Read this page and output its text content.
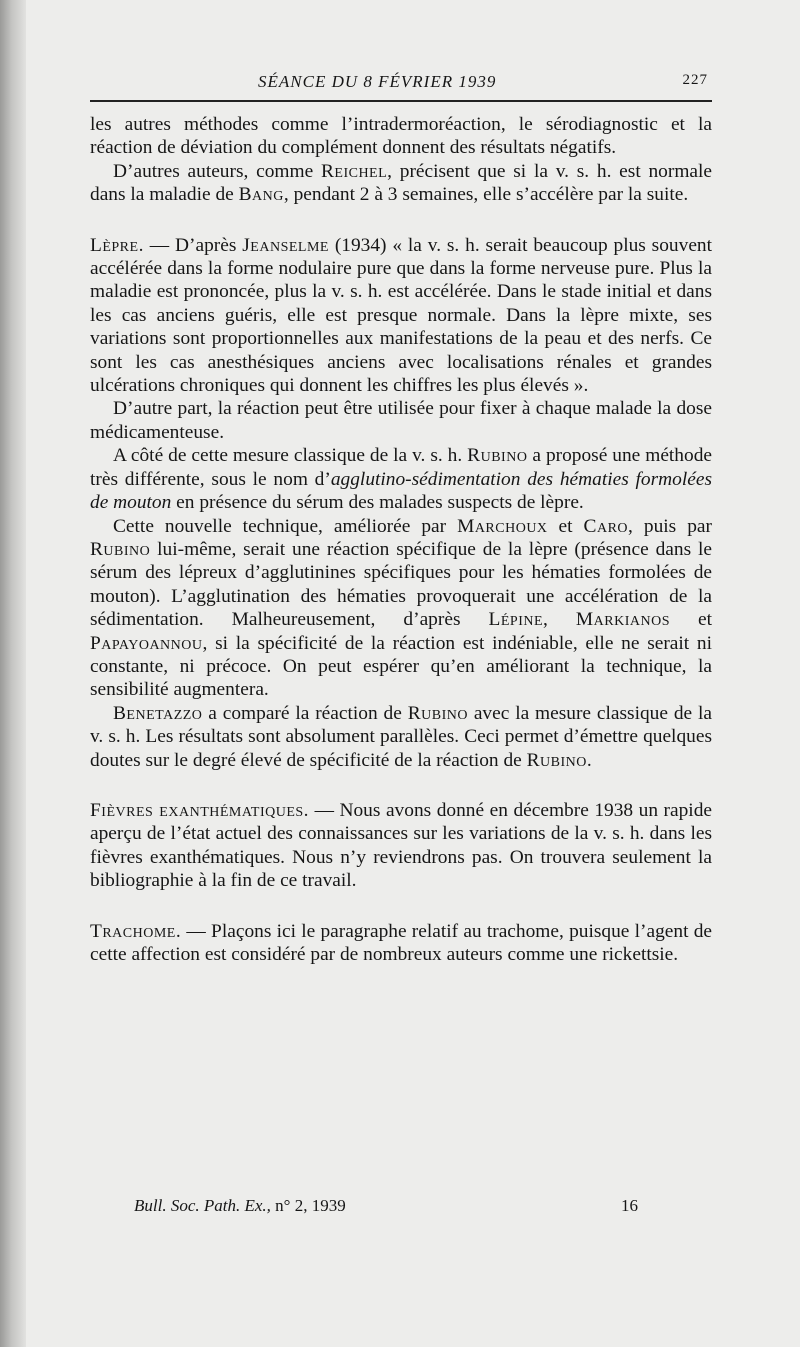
SÉANCE DU 8 FÉVRIER 1939	227

les autres méthodes comme l’intradermoréaction, le sérodiagnostic et la réaction de déviation du complément donnent des résultats négatifs.

D’autres auteurs, comme Reichel, précisent que si la v. s. h. est normale dans la maladie de Bang, pendant 2 à 3 semaines, elle s’accélère par la suite.

Lèpre. — D’après Jeanselme (1934) « la v. s. h. serait beaucoup plus souvent accélérée dans la forme nodulaire pure que dans la forme nerveuse pure. Plus la maladie est prononcée, plus la v. s. h. est accélérée. Dans le stade initial et dans les cas anciens guéris, elle est presque normale. Dans la lèpre mixte, ses variations sont proportionnelles aux manifestations de la peau et des nerfs. Ce sont les cas anesthésiques anciens avec localisations rénales et grandes ulcérations chroniques qui donnent les chiffres les plus élevés ».

D’autre part, la réaction peut être utilisée pour fixer à chaque malade la dose médicamenteuse.

A côté de cette mesure classique de la v. s. h. Rubino a proposé une méthode très différente, sous le nom d’agglutino-sédimentation des hématies formolées de mouton en présence du sérum des malades suspects de lèpre.

Cette nouvelle technique, améliorée par Marchoux et Caro, puis par Rubino lui-même, serait une réaction spécifique de la lèpre (présence dans le sérum des lépreux d’agglutinines spécifiques pour les hématies formolées de mouton). L’agglutination des hématies provoquerait une accélération de la sédimentation. Malheureusement, d’après Lépine, Markianos et Papayoannou, si la spécificité de la réaction est indéniable, elle ne serait ni constante, ni précoce. On peut espérer qu’en améliorant la technique, la sensibilité augmentera.

Benetazzo a comparé la réaction de Rubino avec la mesure classique de la v. s. h. Les résultats sont absolument parallèles. Ceci permet d’émettre quelques doutes sur le degré élevé de spécificité de la réaction de Rubino.

Fièvres exanthématiques. — Nous avons donné en décembre 1938 un rapide aperçu de l’état actuel des connaissances sur les variations de la v. s. h. dans les fièvres exanthématiques. Nous n’y reviendrons pas. On trouvera seulement la bibliographie à la fin de ce travail.

Trachome. — Plaçons ici le paragraphe relatif au trachome, puisque l’agent de cette affection est considéré par de nombreux auteurs comme une rickettsie.

Bull. Soc. Path. Ex., n° 2, 1939	16
